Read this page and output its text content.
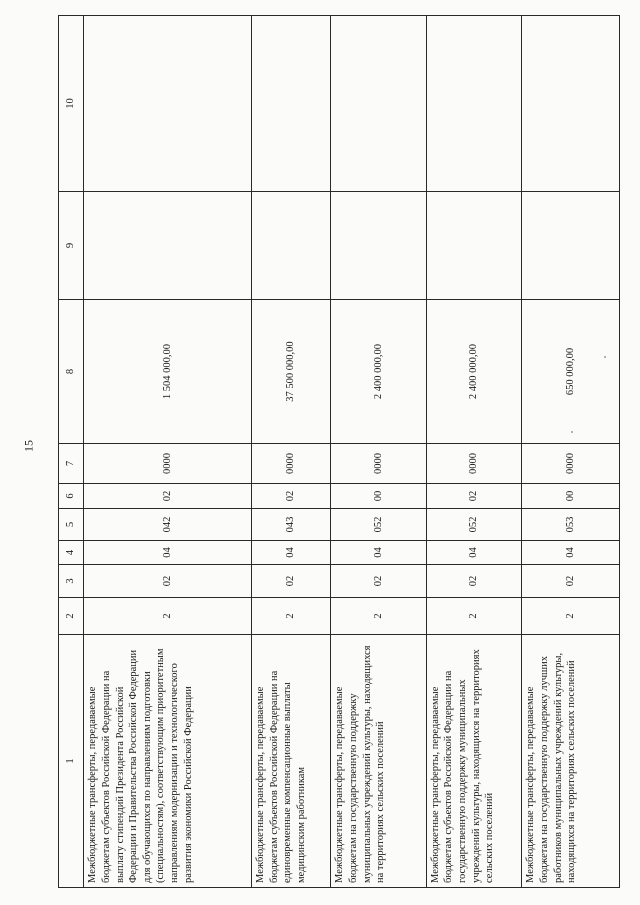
15
1	2	3	4	5	6	7	8	9	10
Межбюджетные трансферты, передаваемые бюджетам субъектов Российской Федерации на выплату стипендий Президента Российской Федерации и Правительства Российской Федерации для обучающихся по направлениям подготовки (специальностям), соответствующим приоритетным направлениям модернизации и технологического развития экономики Российской Федерации	2	02	04	042	02	0000	1 504 000,00		
Межбюджетные трансферты, передаваемые бюджетам субъектов Российской Федерации на единовременные компенсационные выплаты медицинским работникам	2	02	04	043	02	0000	37 500 000,00		
Межбюджетные трансферты, передаваемые бюджетам на государственную поддержку муниципальных учреждений культуры, находящихся на территориях сельских поселений	2	02	04	052	00	0000	2 400 000,00		
Межбюджетные трансферты, передаваемые бюджетам субъектов Российской Федерации на государственную поддержку муниципальных учреждений культуры, находящихся на территориях сельских поселений	2	02	04	052	02	0000	2 400 000,00		
Межбюджетные трансферты, передаваемые бюджетам на государственную поддержку лучших работников муниципальных учреждений культуры, находящихся на территориях сельских поселений	2	02	04	053	00	0000	650 000,00		
